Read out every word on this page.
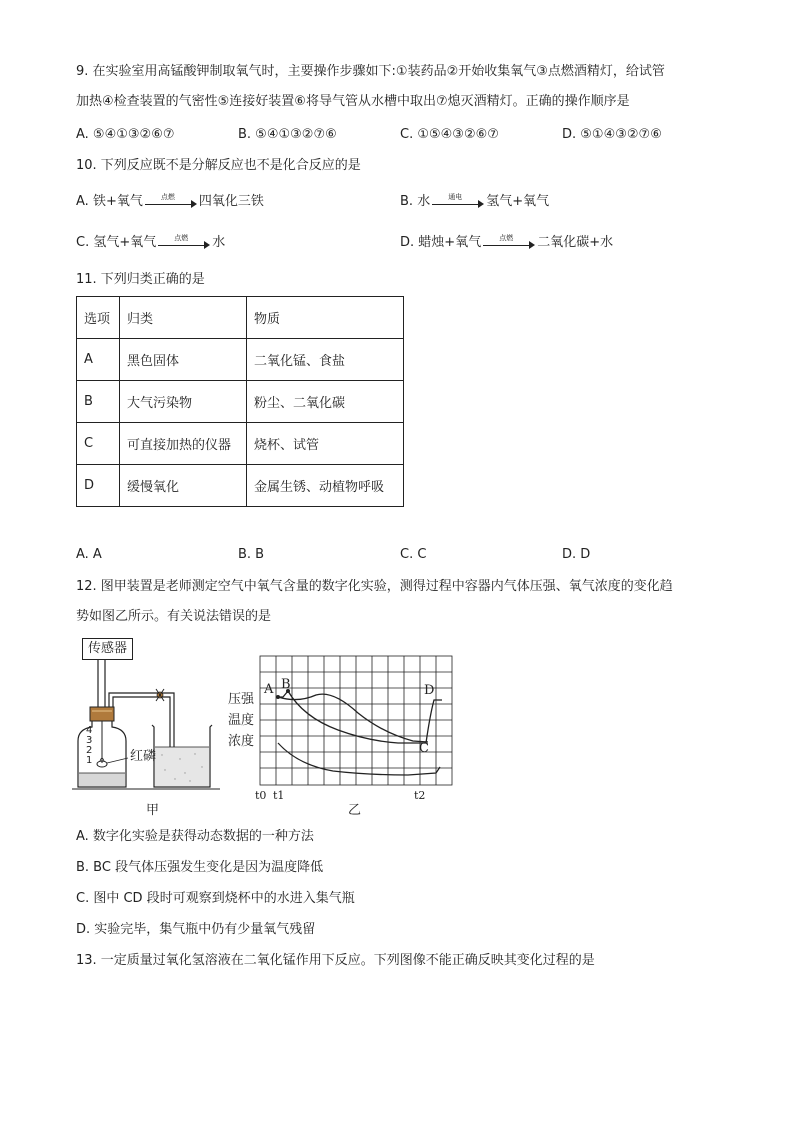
9. 在实验室用高锰酸钾制取氧气时，主要操作步骤如下:①装药品②开始收集氧气③点燃酒精灯，给试管
加热④检查装置的气密性⑤连接好装置⑥将导气管从水槽中取出⑦熄灭酒精灯。正确的操作顺序是
A. ⑤④①③②⑥⑦	B. ⑤④①③②⑦⑥	C. ①⑤④③②⑥⑦	D. ⑤①④③②⑦⑥
10. 下列反应既不是分解反应也不是化合反应的是
A.
铁+氧气	点燃	四氧化三铁	B.
水	通电	氢气+氧气
C.
氢气+氧气	点燃	水	D.
蜡烛+氧气	点燃	二氧化碳+水
11. 下列归类正确的是
选项	归类	物质
A	黑色固体	二氧化锰、食盐
B	大气污染物	粉尘、二氧化碳
C	可直接加热的仪器	烧杯、试管
D	缓慢氧化	金属生锈、动植物呼吸
A. A	B. B	C. C	D. D
12. 图甲装置是老师测定空气中氧气含量的数字化实验，测得过程中容器内气体压强、氧气浓度的变化趋
势如图乙所示。有关说法错误的是
传感器
4
3
2
1	红磷
甲
压强
温度
浓度
A B
C
D
t0 t1	t2
乙
A. 数字化实验是获得动态数据的一种方法
B. BC 段气体压强发生变化是因为温度降低
C. 图中 CD 段时可观察到烧杯中的水进入集气瓶
D. 实验完毕，集气瓶中仍有少量氧气残留
13. 一定质量过氧化氢溶液在二氧化锰作用下反应。下列图像不能正确反映其变化过程的是
